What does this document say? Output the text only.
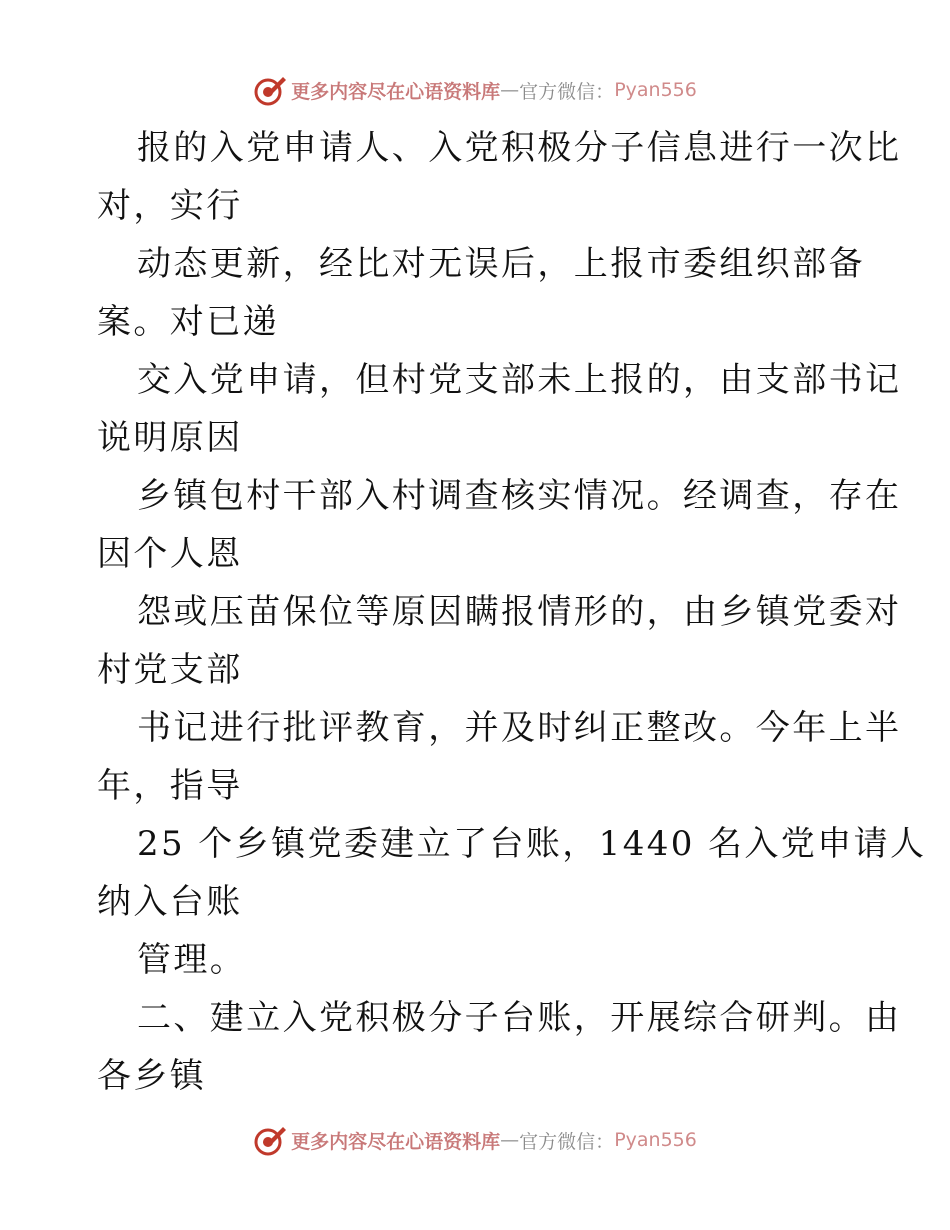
更多内容尽在心语资料库 — 官方微信： Pyan556
报的入党申请人、入党积极分子信息进行一次比
对，实行
动态更新，经比对无误后，上报市委组织部备
案。对已递
交入党申请，但村党支部未上报的，由支部书记
说明原因
乡镇包村干部入村调查核实情况。经调查，存在
因个人恩
怨或压苗保位等原因瞒报情形的，由乡镇党委对
村党支部
书记进行批评教育，并及时纠正整改。今年上半
年，指导
25 个乡镇党委建立了台账，1440 名入党申请人
纳入台账
管理。
二、建立入党积极分子台账，开展综合研判。由
各乡镇
更多内容尽在心语资料库 — 官方微信： Pyan556
